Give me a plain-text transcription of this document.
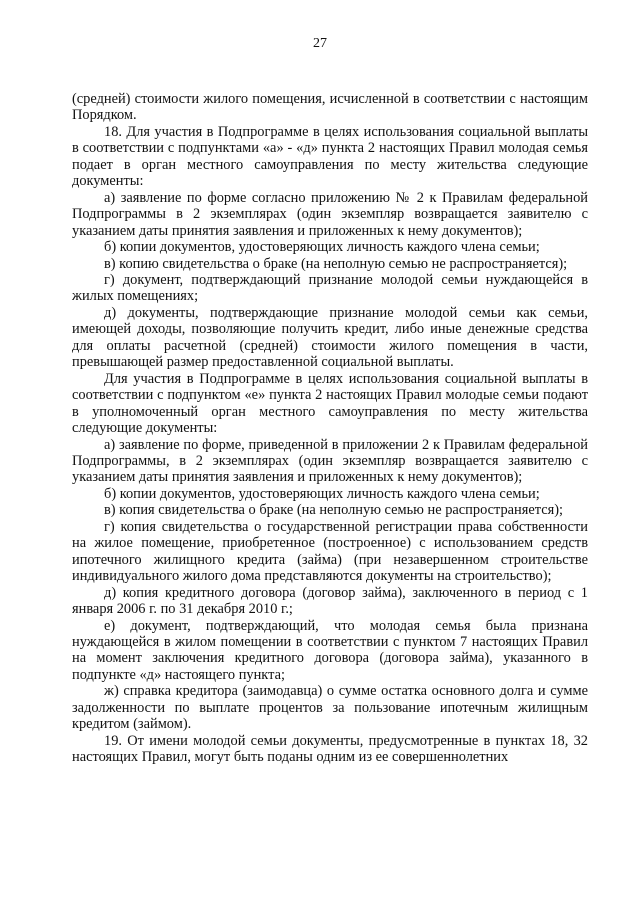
27

(средней) стоимости жилого помещения, исчисленной в соответствии с настоящим Порядком.

18. Для участия в Подпрограмме в целях использования социальной выплаты в соответствии с подпунктами «а» - «д» пункта 2 настоящих Правил молодая семья подает в орган местного самоуправления по месту жительства следующие документы:

а) заявление по форме согласно приложению № 2 к Правилам федеральной Подпрограммы в 2 экземплярах (один экземпляр возвращается заявителю с указанием даты принятия заявления и приложенных к нему документов);

б) копии документов, удостоверяющих личность каждого члена семьи;

в) копию свидетельства о браке (на неполную семью не распространяется);

г) документ, подтверждающий признание молодой семьи нуждающейся в жилых помещениях;

д) документы, подтверждающие признание молодой семьи как семьи, имеющей доходы, позволяющие получить кредит, либо иные денежные средства для оплаты расчетной (средней) стоимости жилого помещения в части, превышающей размер предоставленной социальной выплаты.

Для участия в Подпрограмме в целях использования социальной выплаты в соответствии с подпунктом «е» пункта 2 настоящих Правил молодые семьи подают в уполномоченный орган местного самоуправления по месту жительства следующие документы:

а) заявление по форме, приведенной в приложении 2 к Правилам федеральной Подпрограммы, в 2 экземплярах (один экземпляр возвращается заявителю с указанием даты принятия заявления и приложенных к нему документов);

б) копии документов, удостоверяющих личность каждого члена семьи;

в) копия свидетельства о браке (на неполную семью не распространяется);

г) копия свидетельства о государственной регистрации права собственности на жилое помещение, приобретенное (построенное) с использованием средств ипотечного жилищного кредита (займа) (при незавершенном строительстве индивидуального жилого дома представляются документы на строительство);

д) копия кредитного договора (договор займа), заключенного в период с 1 января 2006 г. по 31 декабря 2010 г.;

е) документ, подтверждающий, что молодая семья была признана нуждающейся в жилом помещении в соответствии с пунктом 7 настоящих Правил на момент заключения кредитного договора (договора займа), указанного в подпункте «д» настоящего пункта;

ж) справка кредитора (заимодавца) о сумме остатка основного долга и сумме задолженности по выплате процентов за пользование ипотечным жилищным кредитом (займом).

19. От имени молодой семьи документы, предусмотренные в пунктах 18, 32 настоящих Правил, могут быть поданы одним из ее совершеннолетних
